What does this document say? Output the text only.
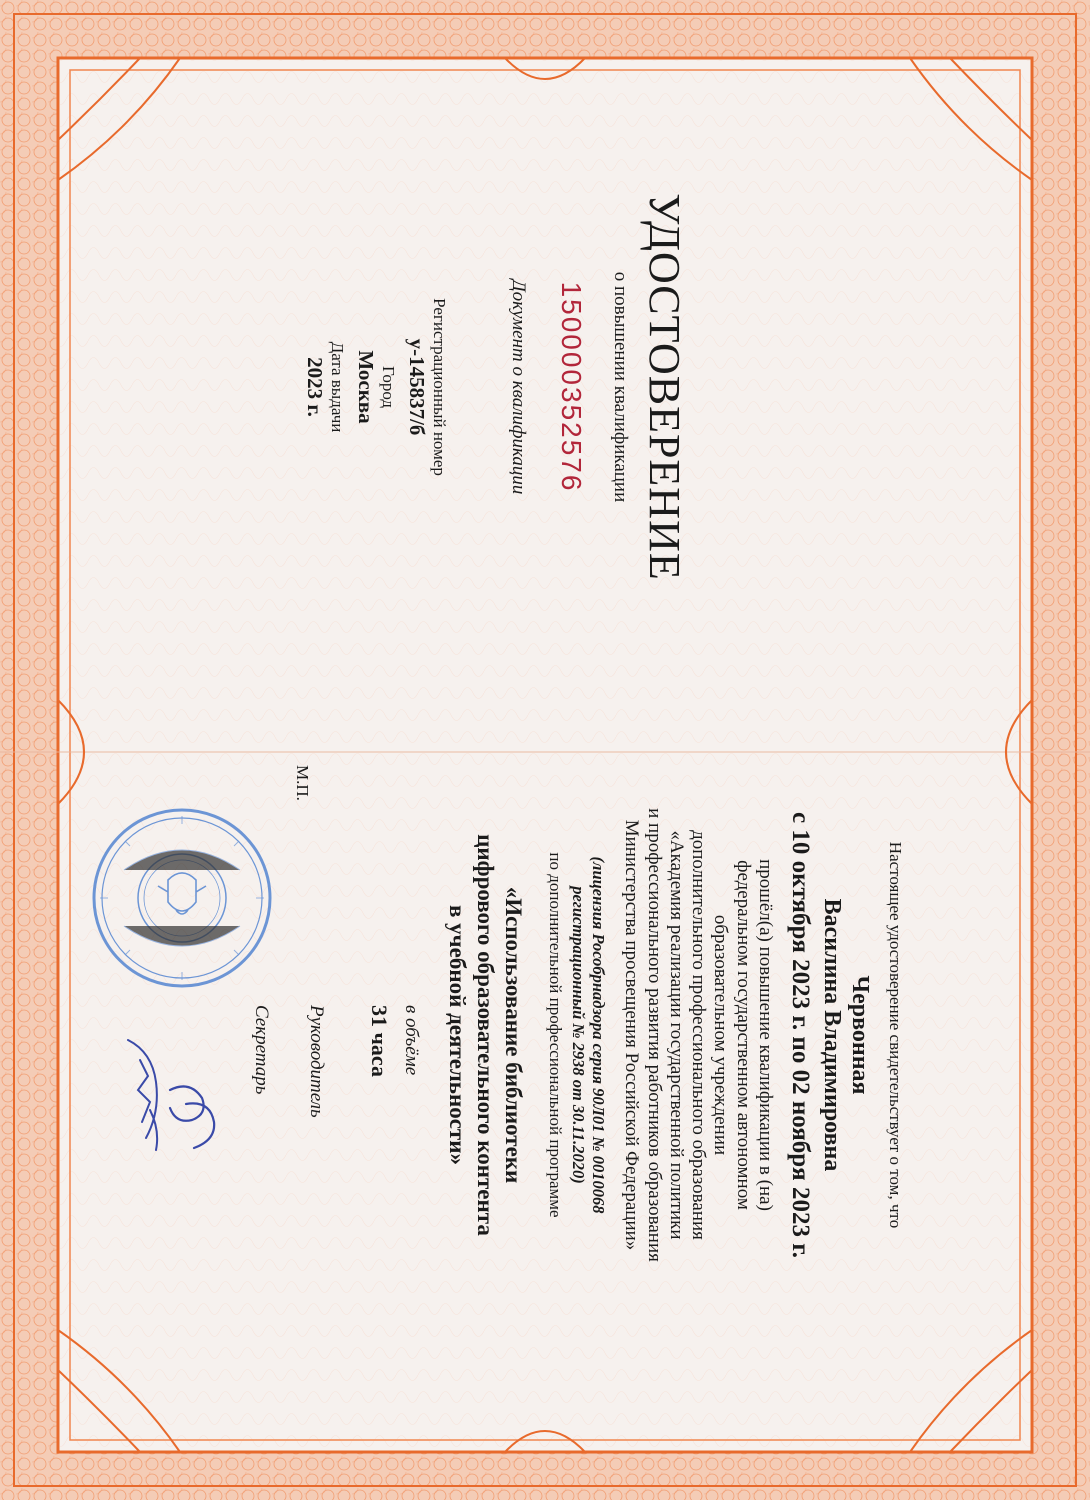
УДОСТОВЕРЕНИЕ
о повышении квалификации
150000352576
Документ о квалификации
Регистрационный номер
у-145837/б
Город
Москва
Дата выдачи
2023 г.
Настоящее удостоверение свидетельствует о том, что
Червонная
Василина Владимировна
с 10 октября 2023 г. по 02 ноября 2023 г.
прошёл(а) повышение квалификации в (на)
федеральном государственном автономном
образовательном учреждении
дополнительного профессионального образования
«Академия реализации государственной политики
и профессионального развития работников образования
Министерства просвещения Российской Федерации»
(лицензия Рособрнадзора серия 90Л01 № 0010068
регистрационный № 2938 от 30.11.2020)
по дополнительной профессиональной программе
«Использование библиотеки
цифрового образовательного контента
в учебной деятельности»
в объёме
31 часа
Руководитель
М.П.
Секретарь
